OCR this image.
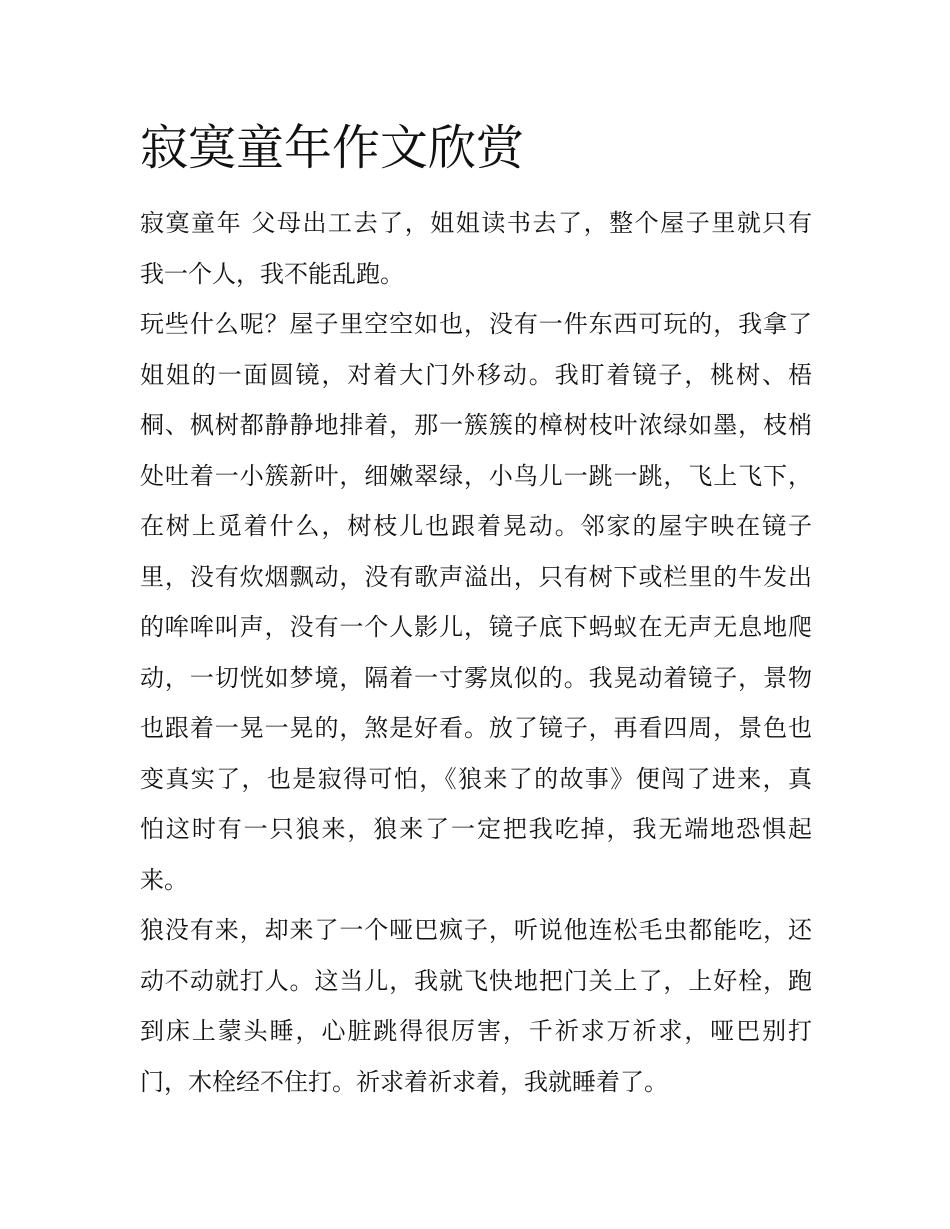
寂寞童年作文欣赏
寂寞童年 父母出工去了，姐姐读书去了，整个屋子里就只有
我一个人，我不能乱跑。
玩些什么呢？屋子里空空如也，没有一件东西可玩的，我拿了
姐姐的一面圆镜，对着大门外移动。我盯着镜子，桃树、梧
桐、枫树都静静地排着，那一簇簇的樟树枝叶浓绿如墨，枝梢
处吐着一小簇新叶，细嫩翠绿，小鸟儿一跳一跳，飞上飞下，
在树上觅着什么，树枝儿也跟着晃动。邻家的屋宇映在镜子
里，没有炊烟飘动，没有歌声溢出，只有树下或栏里的牛发出
的哞哞叫声，没有一个人影儿，镜子底下蚂蚁在无声无息地爬
动，一切恍如梦境，隔着一寸雾岚似的。我晃动着镜子，景物
也跟着一晃一晃的，煞是好看。放了镜子，再看四周，景色也
变真实了，也是寂得可怕，《狼来了的故事》便闯了进来，真
怕这时有一只狼来，狼来了一定把我吃掉，我无端地恐惧起
来。
狼没有来，却来了一个哑巴疯子，听说他连松毛虫都能吃，还
动不动就打人。这当儿，我就飞快地把门关上了，上好栓，跑
到床上蒙头睡，心脏跳得很厉害，千祈求万祈求，哑巴别打
门，木栓经不住打。祈求着祈求着，我就睡着了。
